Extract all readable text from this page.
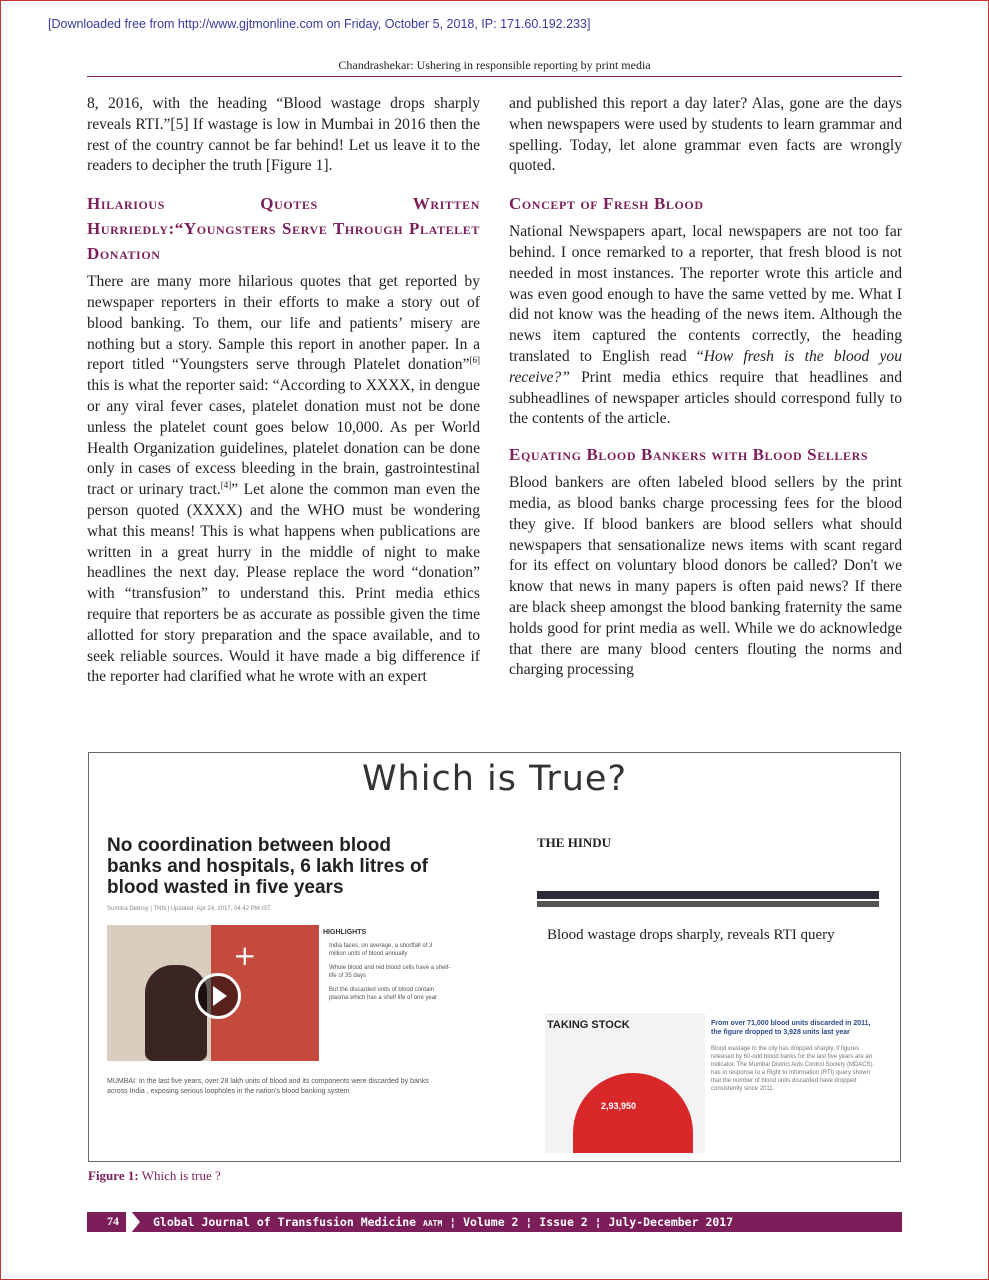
[Downloaded free from http://www.gjtmonline.com on Friday, October 5, 2018, IP: 171.60.192.233]
Chandrashekar: Ushering in responsible reporting by print media

8, 2016, with the heading “Blood wastage drops sharply reveals RTI.”[5] If wastage is low in Mumbai in 2016 then the rest of the country cannot be far behind! Let us leave it to the readers to decipher the truth [Figure 1].

Hilarious Quotes Written Hurriedly:“Youngsters Serve Through Platelet Donation

There are many more hilarious quotes that get reported by newspaper reporters in their efforts to make a story out of blood banking. To them, our life and patients’ misery are nothing but a story. Sample this report in another paper. In a report titled “Youngsters serve through Platelet donation”[6] this is what the reporter said: “According to XXXX, in dengue or any viral fever cases, platelet donation must not be done unless the platelet count goes below 10,000. As per World Health Organization guidelines, platelet donation can be done only in cases of excess bleeding in the brain, gastrointestinal tract or urinary tract.[4]” Let alone the common man even the person quoted (XXXX) and the WHO must be wondering what this means! This is what happens when publications are written in a great hurry in the middle of night to make headlines the next day. Please replace the word “donation” with “transfusion” to understand this. Print media ethics require that reporters be as accurate as possible given the time allotted for story preparation and the space available, and to seek reliable sources. Would it have made a big difference if the reporter had clarified what he wrote with an expert

and published this report a day later? Alas, gone are the days when newspapers were used by students to learn grammar and spelling. Today, let alone grammar even facts are wrongly quoted.

Concept of Fresh Blood

National Newspapers apart, local newspapers are not too far behind. I once remarked to a reporter, that fresh blood is not needed in most instances. The reporter wrote this article and was even good enough to have the same vetted by me. What I did not know was the heading of the news item. Although the news item captured the contents correctly, the heading translated to English read “How fresh is the blood you receive?” Print media ethics require that headlines and subheadlines of newspaper articles should correspond fully to the contents of the article.

Equating Blood Bankers with Blood Sellers

Blood bankers are often labeled blood sellers by the print media, as blood banks charge processing fees for the blood they give. If blood bankers are blood sellers what should newspapers that sensationalize news items with scant regard for its effect on voluntary blood donors be called? Don't we know that news in many papers is often paid news? If there are black sheep amongst the blood banking fraternity the same holds good for print media as well. While we do acknowledge that there are many blood centers flouting the norms and charging processing

Which is True?
No coordination between blood banks and hospitals, 6 lakh litres of blood wasted in five years
Sumitra Debroy | TNN | Updated: Apr 24, 2017, 04:42 PM IST
+
HIGHLIGHTS
India faces, on average, a shortfall of 3 million units of blood annually
Whole blood and red blood cells have a shelf-life of 35 days
But the discarded units of blood contain plasma which has a shelf life of one year
MUMBAI: In the last five years, over 28 lakh units of blood and its components were discarded by banks across India , exposing serious loopholes in the nation's blood banking system.
THE HINDU
Blood wastage drops sharply, reveals RTI query
TAKING STOCK
2,93,950
From over 71,000 blood units discarded in 2011, the figure dropped to 3,928 units last year
Blood wastage in the city has dropped sharply, if figures released by 60-odd blood banks for the last five years are an indicator. The Mumbai District Aids Control Society (MDACS) has in response to a Right to Information (RTI) query shown that the number of blood units discarded have dropped consistently since 2011.
Figure 1: Which is true ?
74	Global Journal of Transfusion Medicine AATM ¦ Volume 2 ¦ Issue 2 ¦ July-December 2017
